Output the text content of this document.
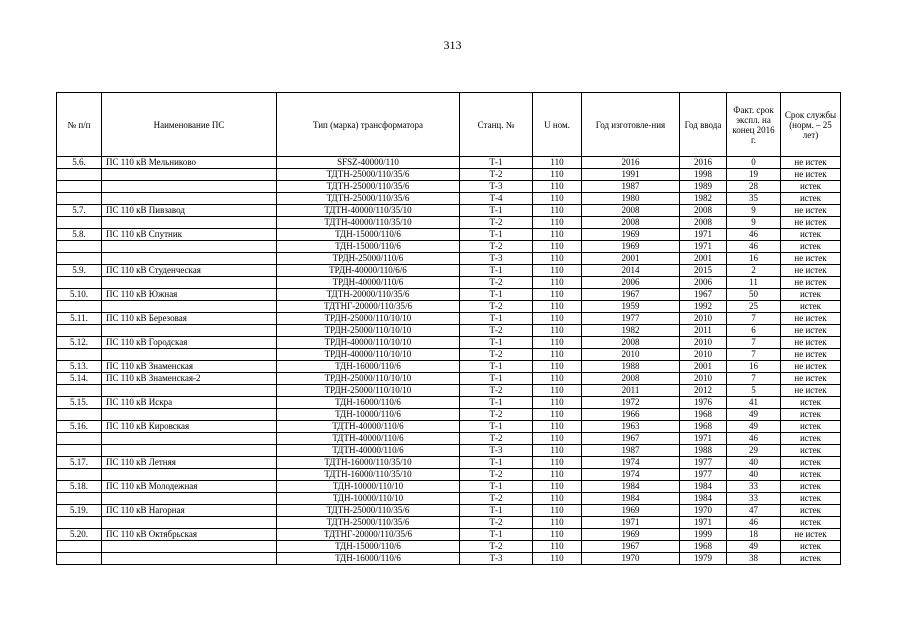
313
№ п/п	Наименование ПС	Тип (марка) трансформатора	Станц. №	U ном.	Год изготовле-ния	Год ввода	Факт. срок экспл. на конец 2016 г.	Срок службы (норм. – 25 лет)
5.6.	ПС 110 кВ Мельниково	SFSZ-40000/110	Т-1	110	2016	2016	0	не истек
		ТДТН-25000/110/35/6	Т-2	110	1991	1998	19	не истек
		ТДТН-25000/110/35/6	Т-3	110	1987	1989	28	истек
		ТДТН-25000/110/35/6	Т-4	110	1980	1982	35	истек
5.7.	ПС 110 кВ Пивзавод	ТДТН-40000/110/35/10	Т-1	110	2008	2008	9	не истек
		ТДТН-40000/110/35/10	Т-2	110	2008	2008	9	не истек
5.8.	ПС 110 кВ Спутник	ТДН-15000/110/6	Т-1	110	1969	1971	46	истек
		ТДН-15000/110/6	Т-2	110	1969	1971	46	истек
		ТРДН-25000/110/6	Т-3	110	2001	2001	16	не истек
5.9.	ПС 110 кВ Студенческая	ТРДН-40000/110/6/6	Т-1	110	2014	2015	2	не истек
		ТРДН-40000/110/6	Т-2	110	2006	2006	11	не истек
5.10.	ПС 110 кВ Южная	ТДТН-20000/110/35/6	Т-1	110	1967	1967	50	истек
		ТДТНГ-20000/110/35/6	Т-2	110	1959	1992	25	истек
5.11.	ПС 110 кВ Березовая	ТРДН-25000/110/10/10	Т-1	110	1977	2010	7	не истек
		ТРДН-25000/110/10/10	Т-2	110	1982	2011	6	не истек
5.12.	ПС 110 кВ Городская	ТРДН-40000/110/10/10	Т-1	110	2008	2010	7	не истек
		ТРДН-40000/110/10/10	Т-2	110	2010	2010	7	не истек
5.13.	ПС 110 кВ Знаменская	ТДН-16000/110/6	Т-1	110	1988	2001	16	не истек
5.14.	ПС 110 кВ Знаменская-2	ТРДН-25000/110/10/10	Т-1	110	2008	2010	7	не истек
		ТРДН-25000/110/10/10	Т-2	110	2011	2012	5	не истек
5.15.	ПС 110 кВ Искра	ТДН-16000/110/6	Т-1	110	1972	1976	41	истек
		ТДН-10000/110/6	Т-2	110	1966	1968	49	истек
5.16.	ПС 110 кВ Кировская	ТДТН-40000/110/6	Т-1	110	1963	1968	49	истек
		ТДТН-40000/110/6	Т-2	110	1967	1971	46	истек
		ТДТН-40000/110/6	Т-3	110	1987	1988	29	истек
5.17.	ПС 110 кВ Летняя	ТДТН-16000/110/35/10	Т-1	110	1974	1977	40	истек
		ТДТН-16000/110/35/10	Т-2	110	1974	1977	40	истек
5.18.	ПС 110 кВ Молодежная	ТДН-10000/110/10	Т-1	110	1984	1984	33	истек
		ТДН-10000/110/10	Т-2	110	1984	1984	33	истек
5.19.	ПС 110 кВ Нагорная	ТДТН-25000/110/35/6	Т-1	110	1969	1970	47	истек
		ТДТН-25000/110/35/6	Т-2	110	1971	1971	46	истек
5.20.	ПС 110 кВ Октябрьская	ТДТНГ-20000/110/35/6	Т-1	110	1969	1999	18	не истек
		ТДН-15000/110/6	Т-2	110	1967	1968	49	истек
		ТДН-16000/110/6	Т-3	110	1970	1979	38	истек
